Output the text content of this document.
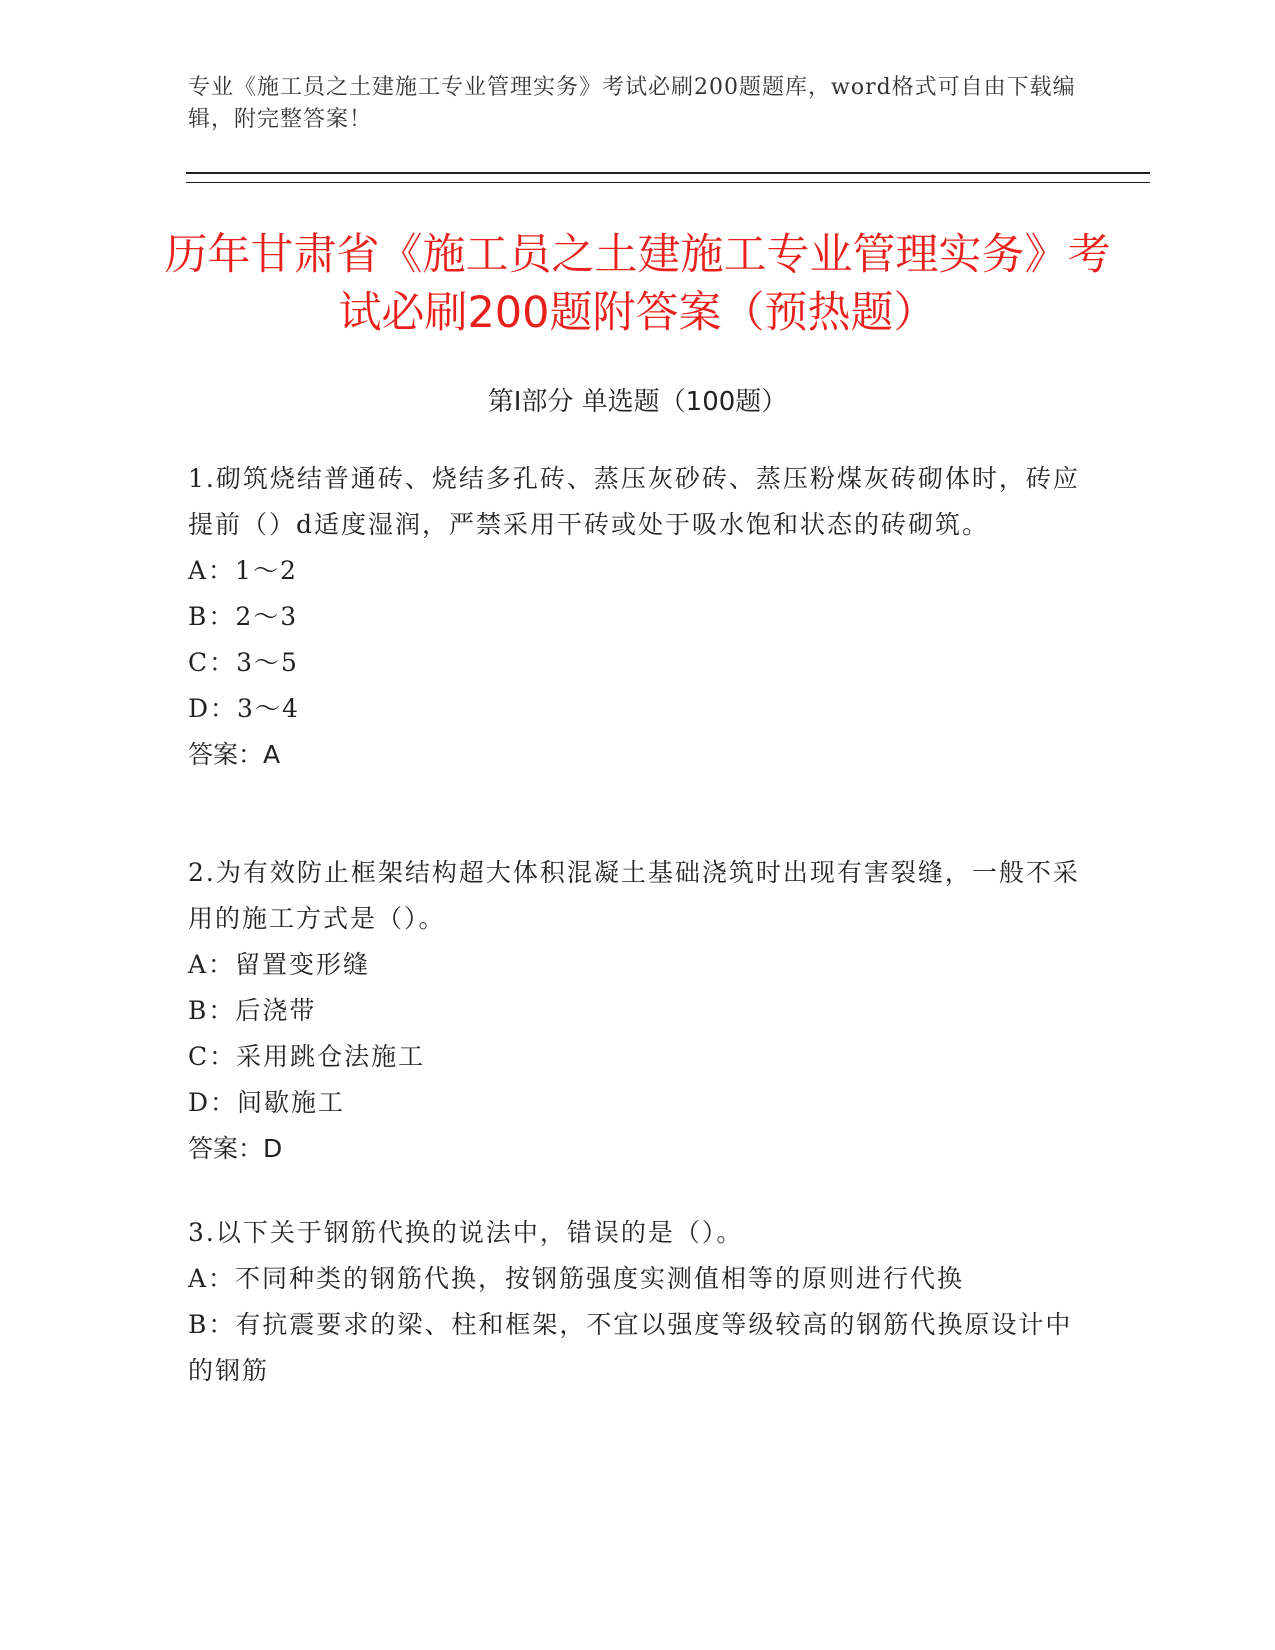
专业《施工员之土建施工专业管理实务》考试必刷200题题库，word格式可自由下载编辑，附完整答案！
历年甘肃省《施工员之土建施工专业管理实务》考试必刷200题附答案（预热题）
第Ⅰ部分 单选题（100题）

1.砌筑烧结普通砖、烧结多孔砖、蒸压灰砂砖、蒸压粉煤灰砖砌体时，砖应提前（）d适度湿润，严禁采用干砖或处于吸水饱和状态的砖砌筑。

A：1～2

B：2～3

C：3～5

D：3～4

答案：A

2.为有效防止框架结构超大体积混凝土基础浇筑时出现有害裂缝，一般不采用的施工方式是（）。

A：留置变形缝

B：后浇带

C：采用跳仓法施工

D：间歇施工

答案：D

3.以下关于钢筋代换的说法中，错误的是（）。

A：不同种类的钢筋代换，按钢筋强度实测值相等的原则进行代换

B：有抗震要求的梁、柱和框架，不宜以强度等级较高的钢筋代换原设计中的钢筋
